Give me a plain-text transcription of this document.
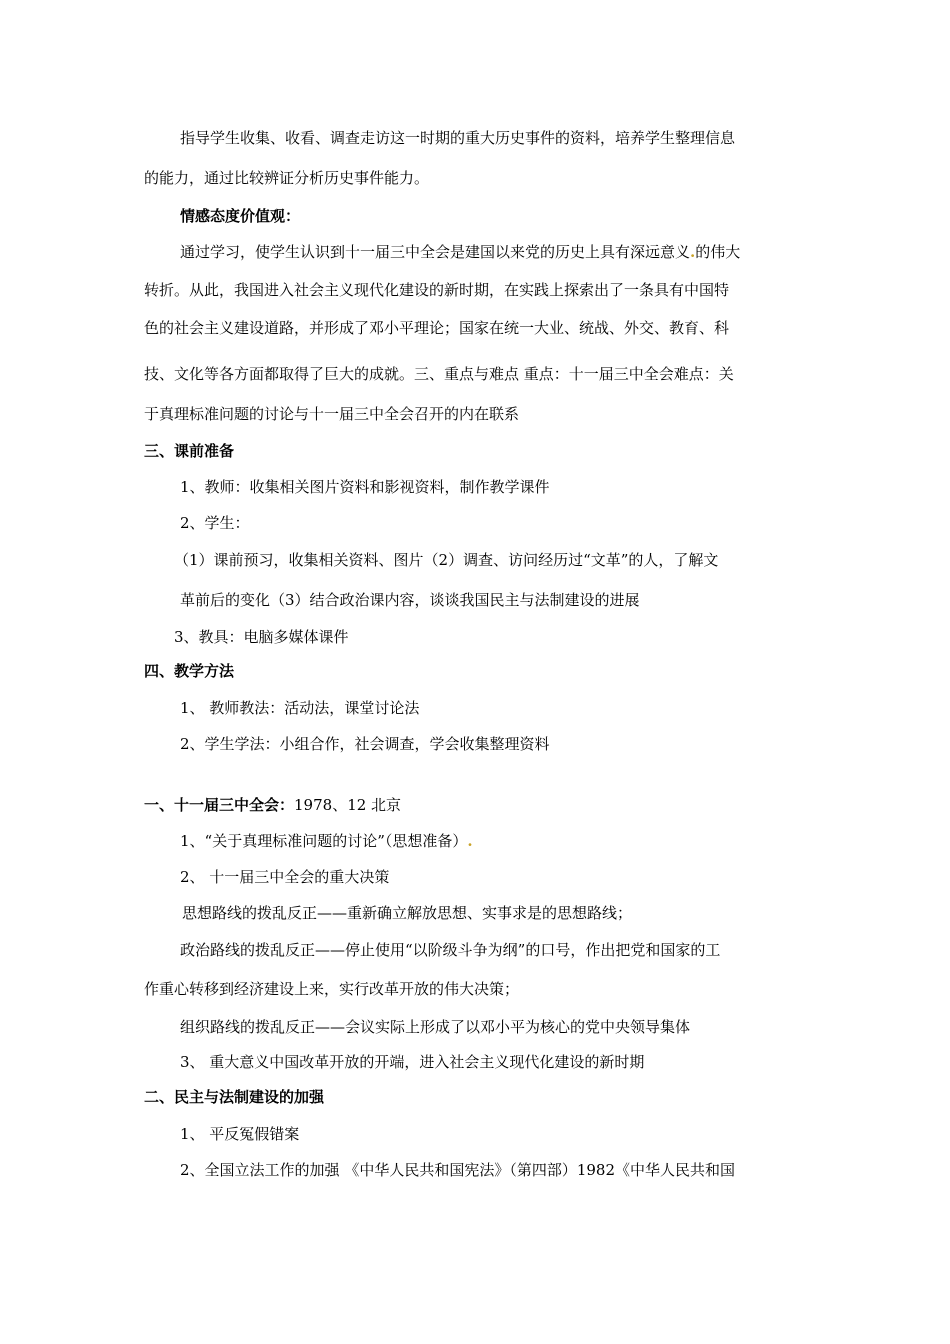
指导学生收集、收看、调查走访这一时期的重大历史事件的资料，培养学生整理信息
的能力，通过比较辨证分析历史事件能力。
情感态度价值观：
通过学习，使学生认识到十一届三中全会是建国以来党的历史上具有深远意义.的伟大
转折。从此，我国进入社会主义现代化建设的新时期，在实践上探索出了一条具有中国特
色的社会主义建设道路，并形成了邓小平理论；国家在统一大业、统战、外交、教育、科
技、文化等各方面都取得了巨大的成就。三、重点与难点 重点：十一届三中全会难点：关
于真理标准问题的讨论与十一届三中全会召开的内在联系
三、课前准备
1、教师：收集相关图片资料和影视资料，制作教学课件
2、学生：
（1）课前预习，收集相关资料、图片（2）调查、访问经历过“文革”的人，了解文
革前后的变化（3）结合政治课内容，谈谈我国民主与法制建设的进展
3、教具：电脑多媒体课件
四、教学方法
1、 教师教法：活动法，课堂讨论法
2、学生学法：小组合作，社会调查，学会收集整理资料
一、十一届三中全会：1978、12 北京
1、“关于真理标准问题的讨论”（思想准备）.
2、 十一届三中全会的重大决策
思想路线的拨乱反正——重新确立解放思想、实事求是的思想路线；
政治路线的拨乱反正——停止使用“以阶级斗争为纲”的口号，作出把党和国家的工
作重心转移到经济建设上来，实行改革开放的伟大决策；
组织路线的拨乱反正——会议实际上形成了以邓小平为核心的党中央领导集体
3、 重大意义中国改革开放的开端，进入社会主义现代化建设的新时期
二、民主与法制建设的加强
1、 平反冤假错案
2、全国立法工作的加强 《中华人民共和国宪法》（第四部）1982《中华人民共和国
